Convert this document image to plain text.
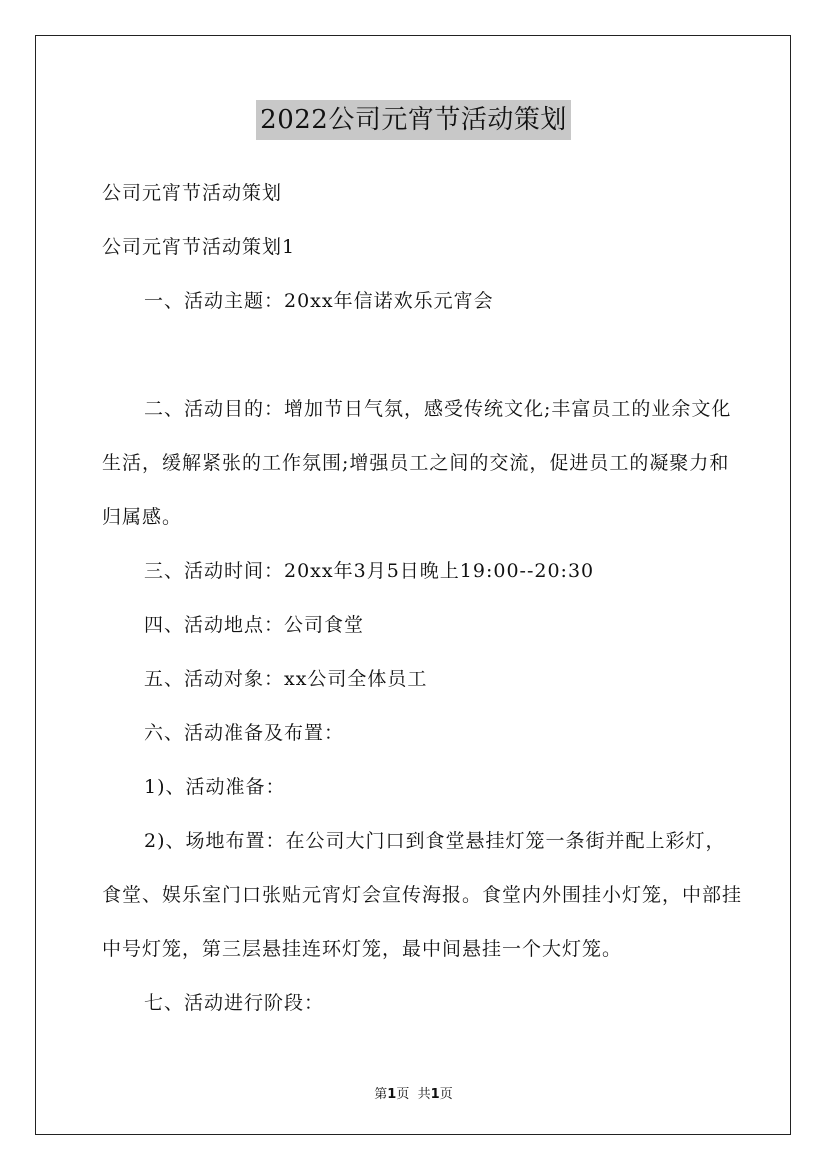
2022公司元宵节活动策划

公司元宵节活动策划

公司元宵节活动策划1

一、活动主题：20xx年信诺欢乐元宵会

二、活动目的：增加节日气氛，感受传统文化;丰富员工的业余文化生活，缓解紧张的工作氛围;增强员工之间的交流，促进员工的凝聚力和归属感。

三、活动时间：20xx年3月5日晚上19:00--20:30

四、活动地点：公司食堂

五、活动对象：xx公司全体员工

六、活动准备及布置：

1)、活动准备：

2)、场地布置：在公司大门口到食堂悬挂灯笼一条街并配上彩灯，食堂、娱乐室门口张贴元宵灯会宣传海报。食堂内外围挂小灯笼，中部挂中号灯笼，第三层悬挂连环灯笼，最中间悬挂一个大灯笼。

七、活动进行阶段：

第1页 共1页
